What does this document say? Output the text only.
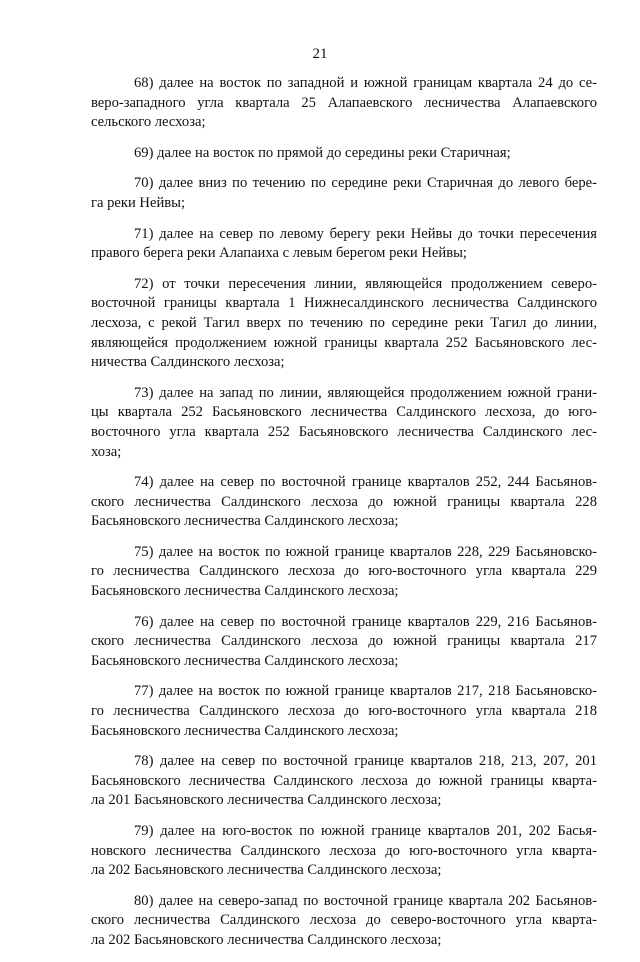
21

68) далее на восток по западной и южной границам квартала 24 до се-
веро-западного угла квартала 25 Алапаевского лесничества Алапаевского
сельского лесхоза;

69) далее на восток по прямой до середины реки Старичная;

70) далее вниз по течению по середине реки Старичная до левого бере-
га реки Нейвы;

71) далее на север по левому берегу реки Нейвы до точки пересечения
правого берега реки Алапаиха с левым берегом реки Нейвы;

72) от точки пересечения линии, являющейся продолжением северо-
восточной границы квартала 1 Нижнесалдинского лесничества Салдинского
лесхоза, с рекой Тагил вверх по течению по середине реки Тагил до линии,
являющейся продолжением южной границы квартала 252 Басьяновского лес-
ничества Салдинского лесхоза;

73) далее на запад по линии, являющейся продолжением южной грани-
цы квартала 252 Басьяновского лесничества Салдинского лесхоза, до юго-
восточного угла квартала 252 Басьяновского лесничества Салдинского лес-
хоза;

74) далее на север по восточной границе кварталов 252, 244 Басьянов-
ского лесничества Салдинского лесхоза до южной границы квартала 228
Басьяновского лесничества Салдинского лесхоза;

75) далее на восток по южной границе кварталов 228, 229 Басьяновско-
го лесничества Салдинского лесхоза до юго-восточного угла квартала 229
Басьяновского лесничества Салдинского лесхоза;

76) далее на север по восточной границе кварталов 229, 216 Басьянов-
ского лесничества Салдинского лесхоза до южной границы квартала 217
Басьяновского лесничества Салдинского лесхоза;

77) далее на восток по южной границе кварталов 217, 218 Басьяновско-
го лесничества Салдинского лесхоза до юго-восточного угла квартала 218
Басьяновского лесничества Салдинского лесхоза;

78) далее на север по восточной границе кварталов 218, 213, 207, 201
Басьяновского лесничества Салдинского лесхоза до южной границы кварта-
ла 201 Басьяновского лесничества Салдинского лесхоза;

79) далее на юго-восток по южной границе кварталов 201, 202 Басья-
новского лесничества Салдинского лесхоза до юго-восточного угла кварта-
ла 202 Басьяновского лесничества Салдинского лесхоза;

80) далее на северо-запад по восточной границе квартала 202 Басьянов-
ского лесничества Салдинского лесхоза до северо-восточного угла кварта-
ла 202 Басьяновского лесничества Салдинского лесхоза;
